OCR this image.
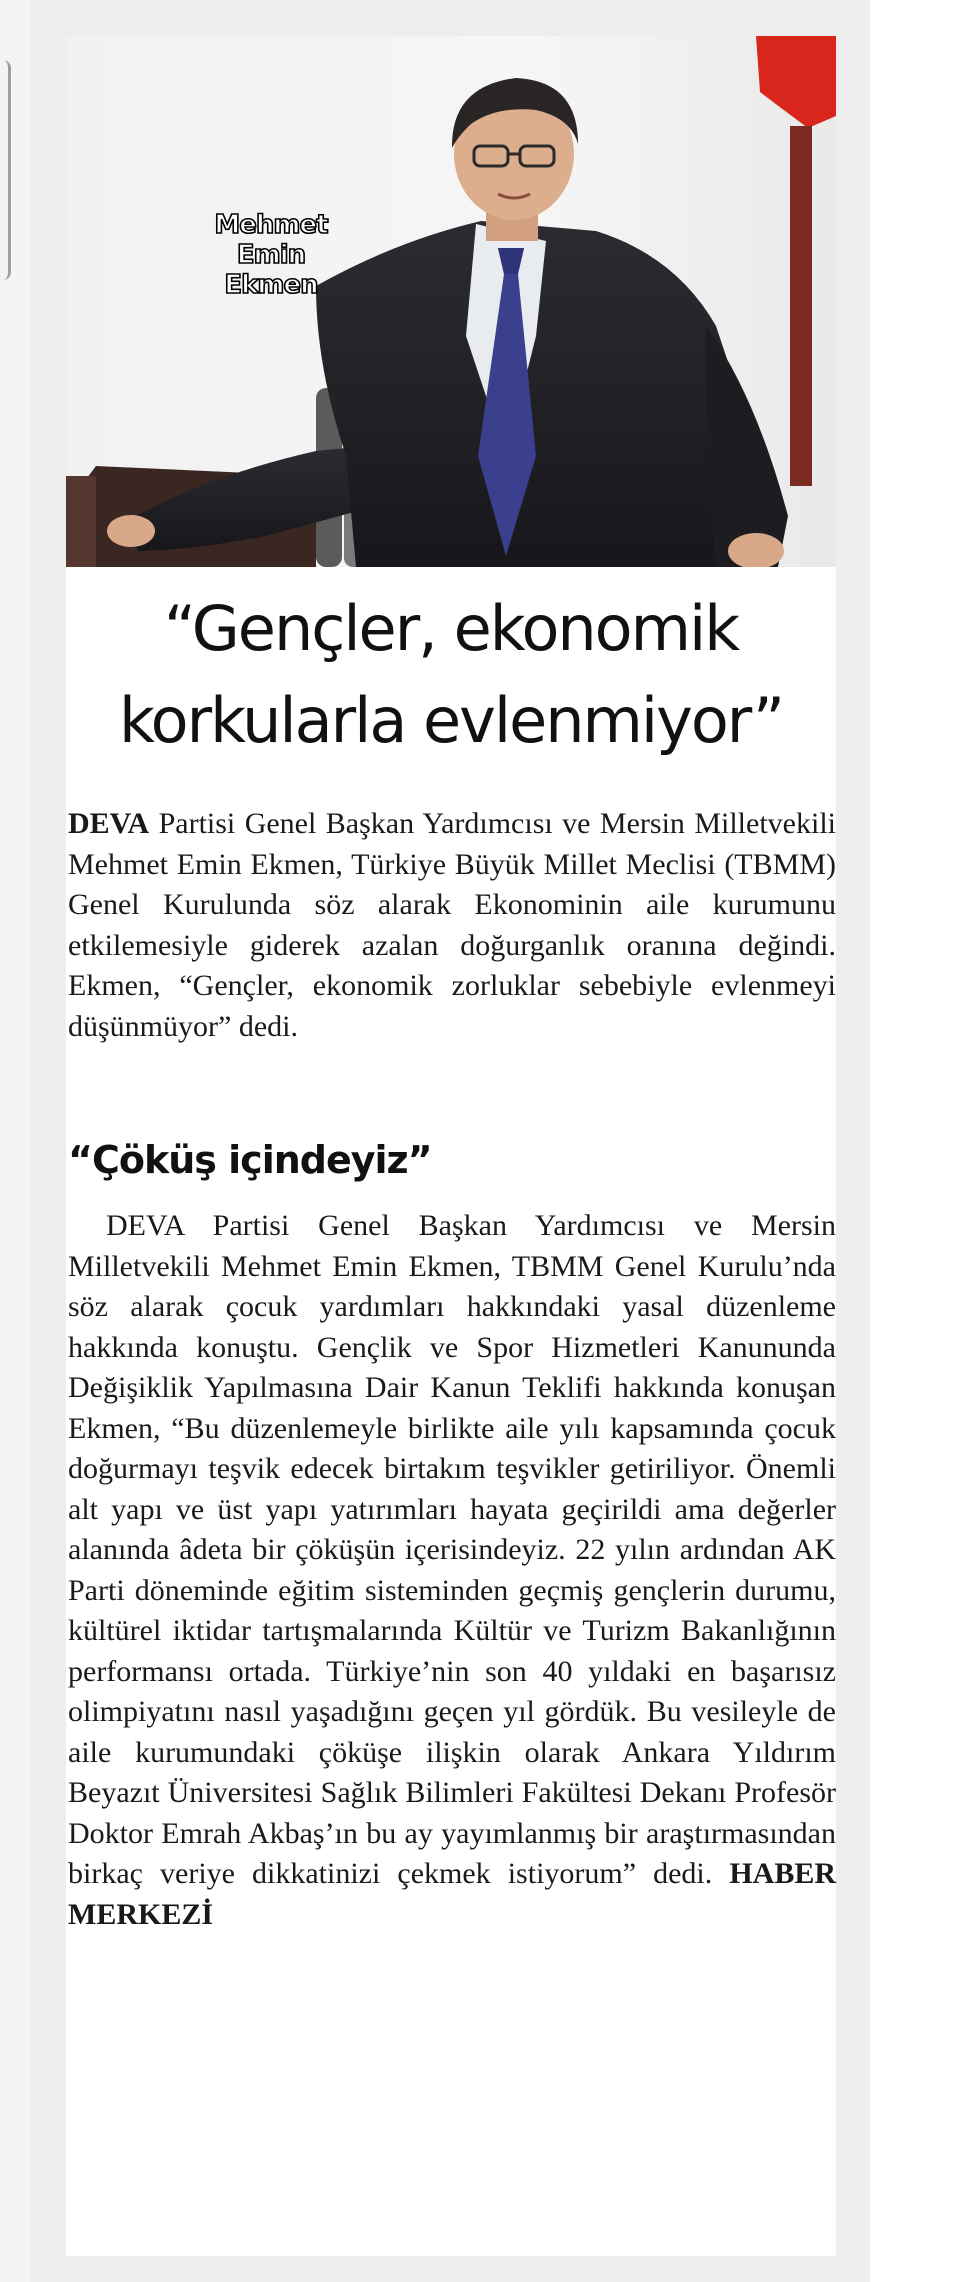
Mehmet
Emin
Ekmen
“Gençler, ekonomik
korkularla evlenmiyor”

DEVA Partisi Genel Başkan Yardımcısı ve Mersin Milletvekili Mehmet Emin Ekmen, Türkiye Büyük Millet Meclisi (TBMM) Genel Kurulunda söz alarak Ekonominin aile kurumunu etkilemesiyle giderek azalan doğurganlık oranına değindi. Ekmen, “Gençler, ekonomik zorluklar sebebiyle evlenmeyi düşünmüyor” dedi.

“Çöküş içindeyiz”

DEVA Partisi Genel Başkan Yardımcısı ve Mersin Milletvekili Mehmet Emin Ekmen, TBMM Genel Kurulu’nda söz alarak çocuk yardımları hakkındaki yasal düzenleme hakkında konuştu. Gençlik ve Spor Hizmetleri Kanununda Değişiklik Yapılmasına Dair Kanun Teklifi hakkında konuşan Ekmen, “Bu düzenlemeyle birlikte aile yılı kapsamında çocuk doğurmayı teşvik edecek birtakım teşvikler getiriliyor. Önemli alt yapı ve üst yapı yatırımları hayata geçirildi ama değerler alanında âdeta bir çöküşün içerisindeyiz. 22 yılın ardından AK Parti döneminde eğitim sisteminden geçmiş gençlerin durumu, kültürel iktidar tartışmalarında Kültür ve Turizm Bakanlığının performansı ortada. Türkiye’nin son 40 yıldaki en başarısız olimpiyatını nasıl yaşadığını geçen yıl gördük. Bu vesileyle de aile kurumundaki çöküşe ilişkin olarak Ankara Yıldırım Beyazıt Üniversitesi Sağlık Bilimleri Fakültesi Dekanı Profesör Doktor Emrah Akbaş’ın bu ay yayımlanmış bir araştırmasından birkaç veriye dikkatinizi çekmek istiyorum” dedi. HABER MERKEZİ
